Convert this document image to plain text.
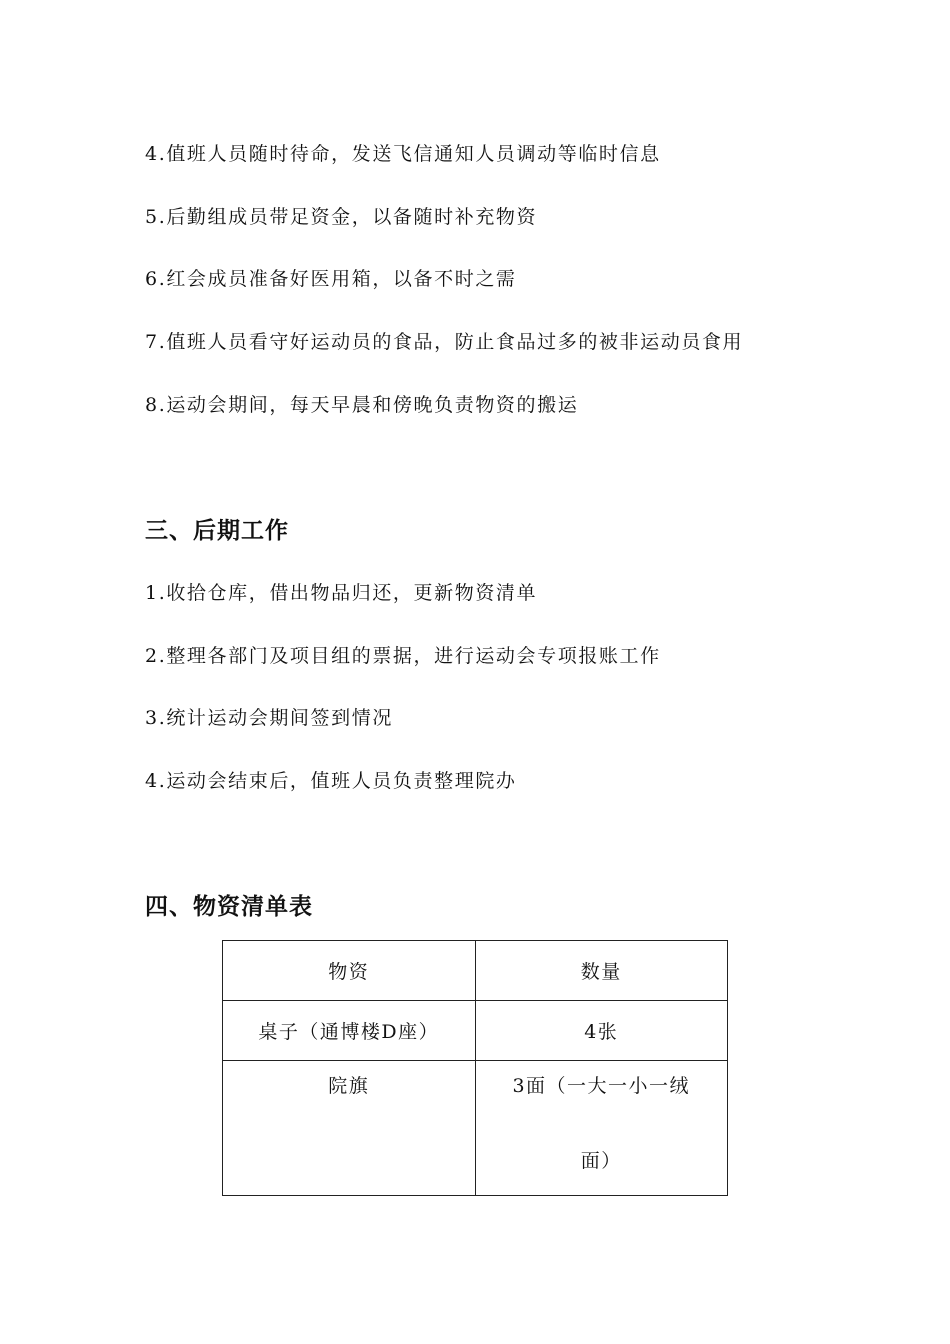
4.值班人员随时待命，发送飞信通知人员调动等临时信息
5.后勤组成员带足资金，以备随时补充物资
6.红会成员准备好医用箱，以备不时之需
7.值班人员看守好运动员的食品，防止食品过多的被非运动员食用
8.运动会期间，每天早晨和傍晚负责物资的搬运
三、后期工作
1.收拾仓库，借出物品归还，更新物资清单
2.整理各部门及项目组的票据，进行运动会专项报账工作
3.统计运动会期间签到情况
4.运动会结束后，值班人员负责整理院办
四、物资清单表
物资	数量
桌子（通博楼D座）	4张

院旗	3面（一大一小一绒
面）
